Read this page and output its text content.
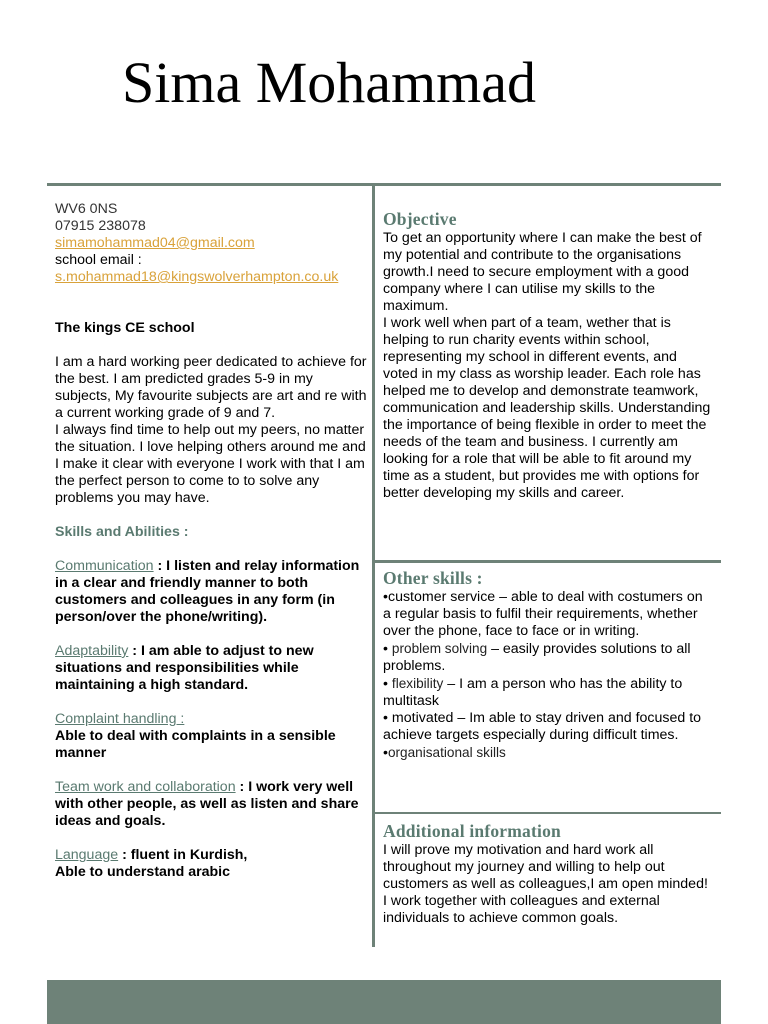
Sima Mohammad

WV6 0NS

07915 238078

simamohammad04@gmail.com

school email :

s.mohammad18@kingswolverhampton.co.uk

The kings CE school

I am a hard working peer dedicated to achieve for the best. I am predicted grades 5-9 in my subjects, My favourite subjects are art and re with a current working grade of 9 and 7.

I always find time to help out my peers, no matter the situation. I love helping others around me and I make it clear with everyone I work with that I am the perfect person to come to to solve any problems you may have.

Skills and Abilities :

Communication : I listen and relay information in a clear and friendly manner to both customers and colleagues in any form (in person/over the phone/writing).

Adaptability : I am able to adjust to new situations and responsibilities while maintaining a high standard.

Complaint handling :
Able to deal with complaints in a sensible manner

Team work and collaboration : I work very well with other people, as well as listen and share ideas and goals.

Language : fluent in Kurdish,
Able to understand arabic

Objective

To get an opportunity where I can make the best of my potential and contribute to the organisations growth.I need to secure employment with a good company where I can utilise my skills to the maximum.

I work well when part of a team, wether that is helping to run charity events within school, representing my school in different events, and voted in my class as worship leader. Each role has helped me to develop and demonstrate teamwork, communication and leadership skills. Understanding the importance of being flexible in order to meet the needs of the team and business. I currently am looking for a role that will be able to fit around my time as a student, but provides me with options for better developing my skills and career.

Other skills :

•customer service – able to deal with costumers on a regular basis to fulfil their requirements, whether over the phone, face to face or in writing.

• problem solving – easily provides solutions to all problems.

• flexibility – I am a person who has the ability to multitask

• motivated – Im able to stay driven and focused to achieve targets especially during difficult times.

•organisational skills

Additional information

I will prove my motivation and hard work all throughout my journey and willing to help out customers as well as colleagues,I am open minded!

I work together with colleagues and external individuals to achieve common goals.
